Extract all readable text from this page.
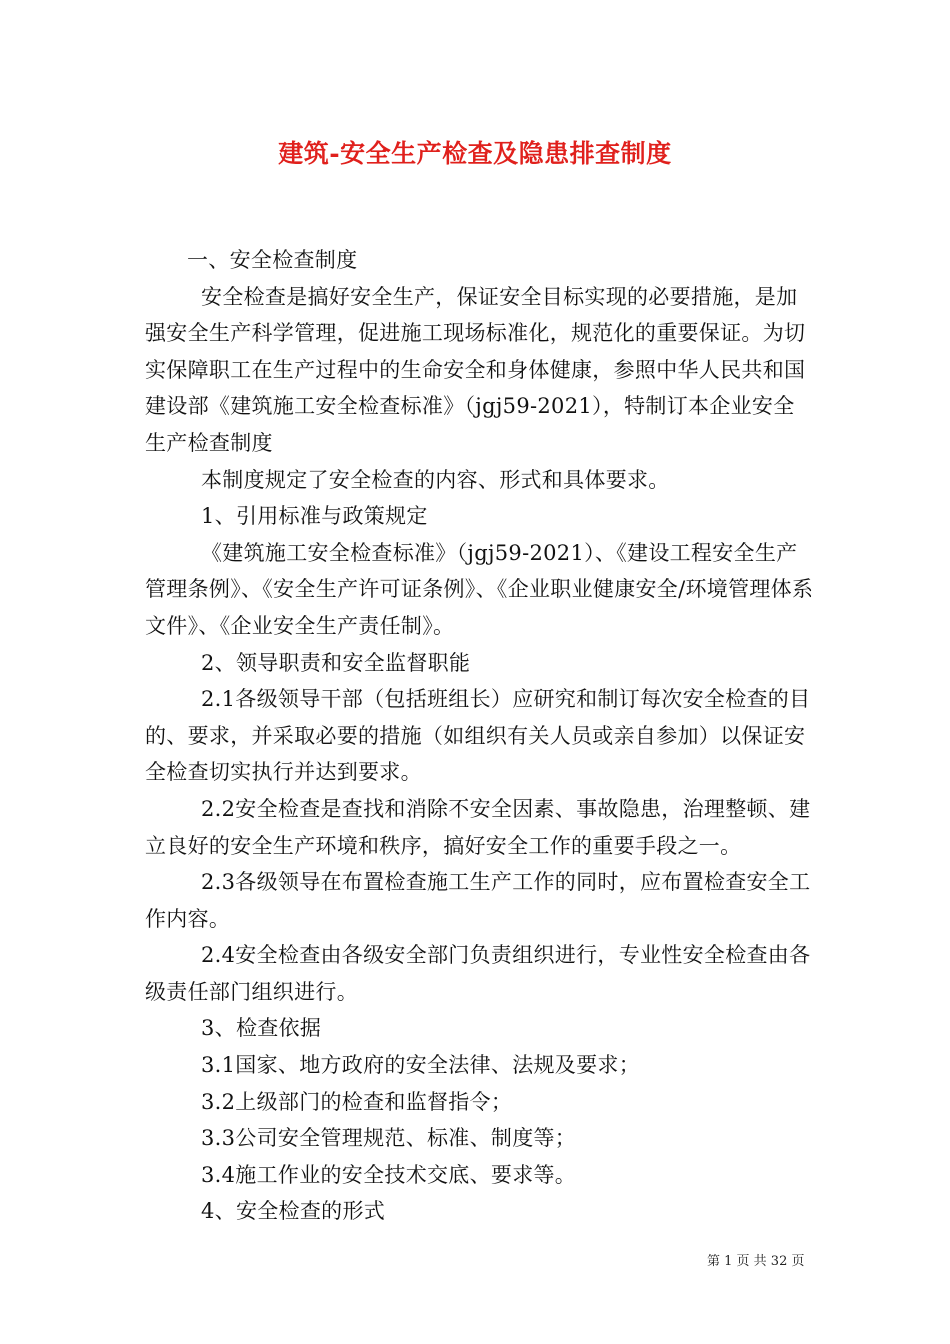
建筑-安全生产检查及隐患排查制度

一、安全检查制度

安全检查是搞好安全生产，保证安全目标实现的必要措施，是加强安全生产科学管理，促进施工现场标准化，规范化的重要保证。为切实保障职工在生产过程中的生命安全和身体健康，参照中华人民共和国建设部《建筑施工安全检查标准》（jgj59-2021），特制订本企业安全生产检查制度

本制度规定了安全检查的内容、形式和具体要求。

1、引用标准与政策规定

《建筑施工安全检查标准》（jgj59-2021）、《建设工程安全生产管理条例》、《安全生产许可证条例》、《企业职业健康安全/环境管理体系文件》、《企业安全生产责任制》。

2、领导职责和安全监督职能

2.1各级领导干部（包括班组长）应研究和制订每次安全检查的目的、要求，并采取必要的措施（如组织有关人员或亲自参加）以保证安全检查切实执行并达到要求。

2.2安全检查是查找和消除不安全因素、事故隐患，治理整顿、建立良好的安全生产环境和秩序，搞好安全工作的重要手段之一。

2.3各级领导在布置检查施工生产工作的同时，应布置检查安全工作内容。

2.4安全检查由各级安全部门负责组织进行，专业性安全检查由各级责任部门组织进行。

3、检查依据

3.1国家、地方政府的安全法律、法规及要求；

3.2上级部门的检查和监督指令；

3.3公司安全管理规范、标准、制度等；

3.4施工作业的安全技术交底、要求等。

4、安全检查的形式

第 1 页 共 32 页
